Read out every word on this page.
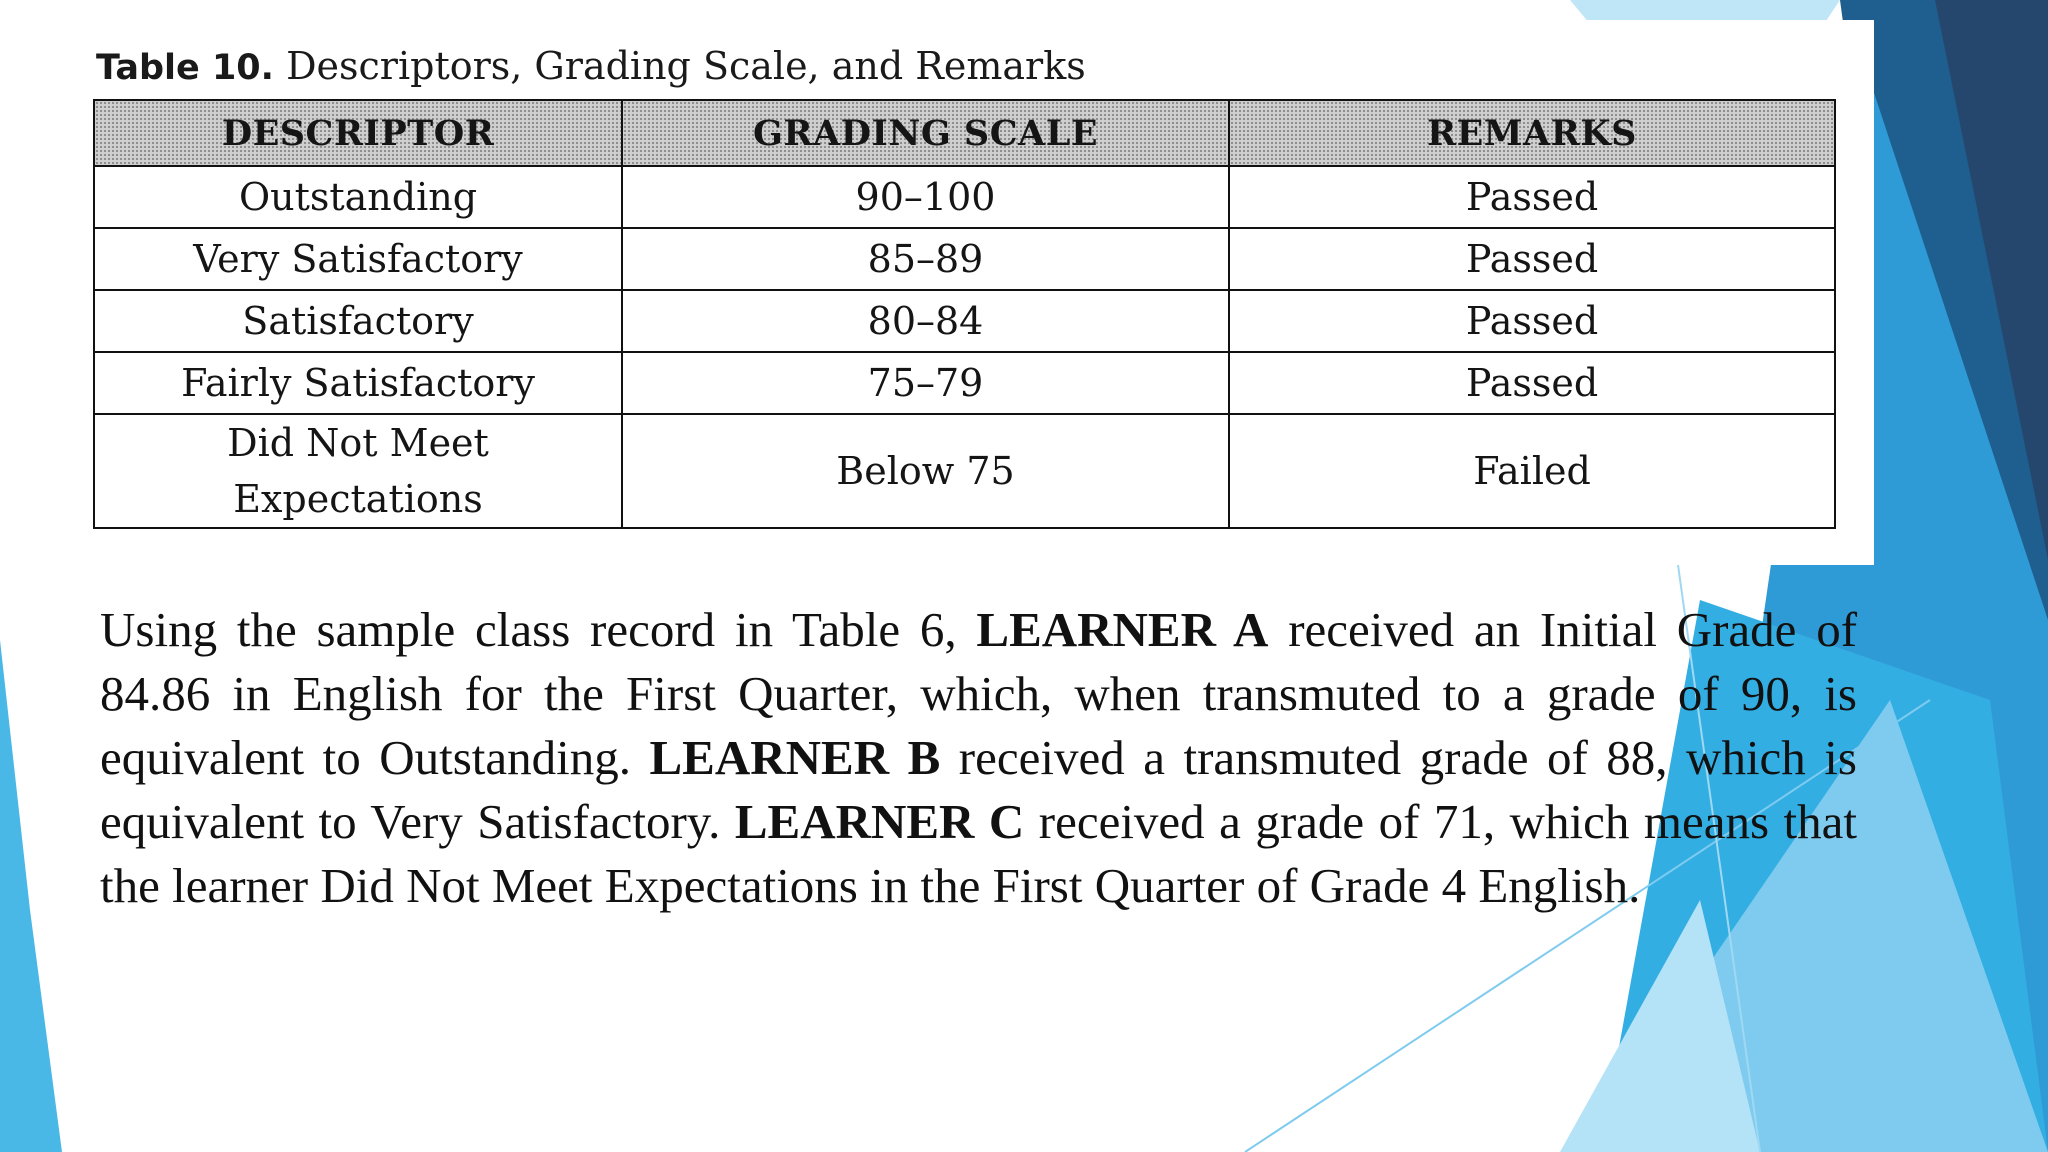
Table 10. Descriptors, Grading Scale, and Remarks
DESCRIPTOR	GRADING SCALE	REMARKS
Outstanding	90–100	Passed
Very Satisfactory	85–89	Passed
Satisfactory	80–84	Passed
Fairly Satisfactory	75–79	Passed
Did Not Meet
Expectations	Below 75	Failed
Using the sample class record in Table 6, LEARNER A received an Initial Grade of 84.86 in English for the First Quarter, which, when transmuted to a grade of 90, is equivalent to Outstanding. LEARNER B received a transmuted grade of 88, which is equivalent to Very Satisfactory. LEARNER C received a grade of 71, which means that the learner Did Not Meet Expectations in the First Quarter of Grade 4 English.
